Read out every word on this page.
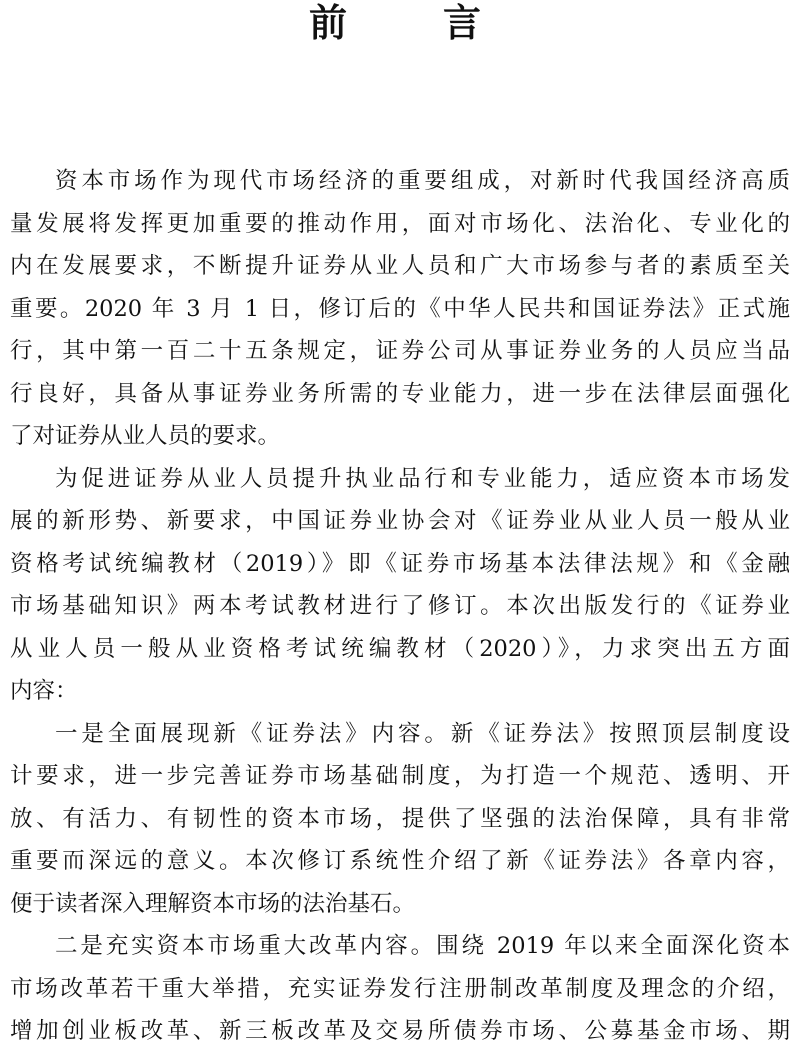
前	言
资本市场作为现代市场经济的重要组成，对新时代我国经济高质
量发展将发挥更加重要的推动作用，面对市场化、法治化、专业化的
内在发展要求，不断提升证券从业人员和广大市场参与者的素质至关
重要。2020 年 3 月 1 日，修订后的《中华人民共和国证券法》正式施
行，其中第一百二十五条规定，证券公司从事证券业务的人员应当品
行良好，具备从事证券业务所需的专业能力，进一步在法律层面强化
了对证券从业人员的要求。
为促进证券从业人员提升执业品行和专业能力，适应资本市场发
展的新形势、新要求，中国证券业协会对《证券业从业人员一般从业
资格考试统编教材（2019）》即《证券市场基本法律法规》和《金融
市场基础知识》两本考试教材进行了修订。本次出版发行的《证券业
从业人员一般从业资格考试统编教材（2020）》，力求突出五方面
内容：
一是全面展现新《证券法》内容。新《证券法》按照顶层制度设
计要求，进一步完善证券市场基础制度，为打造一个规范、透明、开
放、有活力、有韧性的资本市场，提供了坚强的法治保障，具有非常
重要而深远的意义。本次修订系统性介绍了新《证券法》各章内容，
便于读者深入理解资本市场的法治基石。
二是充实资本市场重大改革内容。围绕 2019 年以来全面深化资本
市场改革若干重大举措，充实证券发行注册制改革制度及理念的介绍，
增加创业板改革、新三板改革及交易所债券市场、公募基金市场、期
